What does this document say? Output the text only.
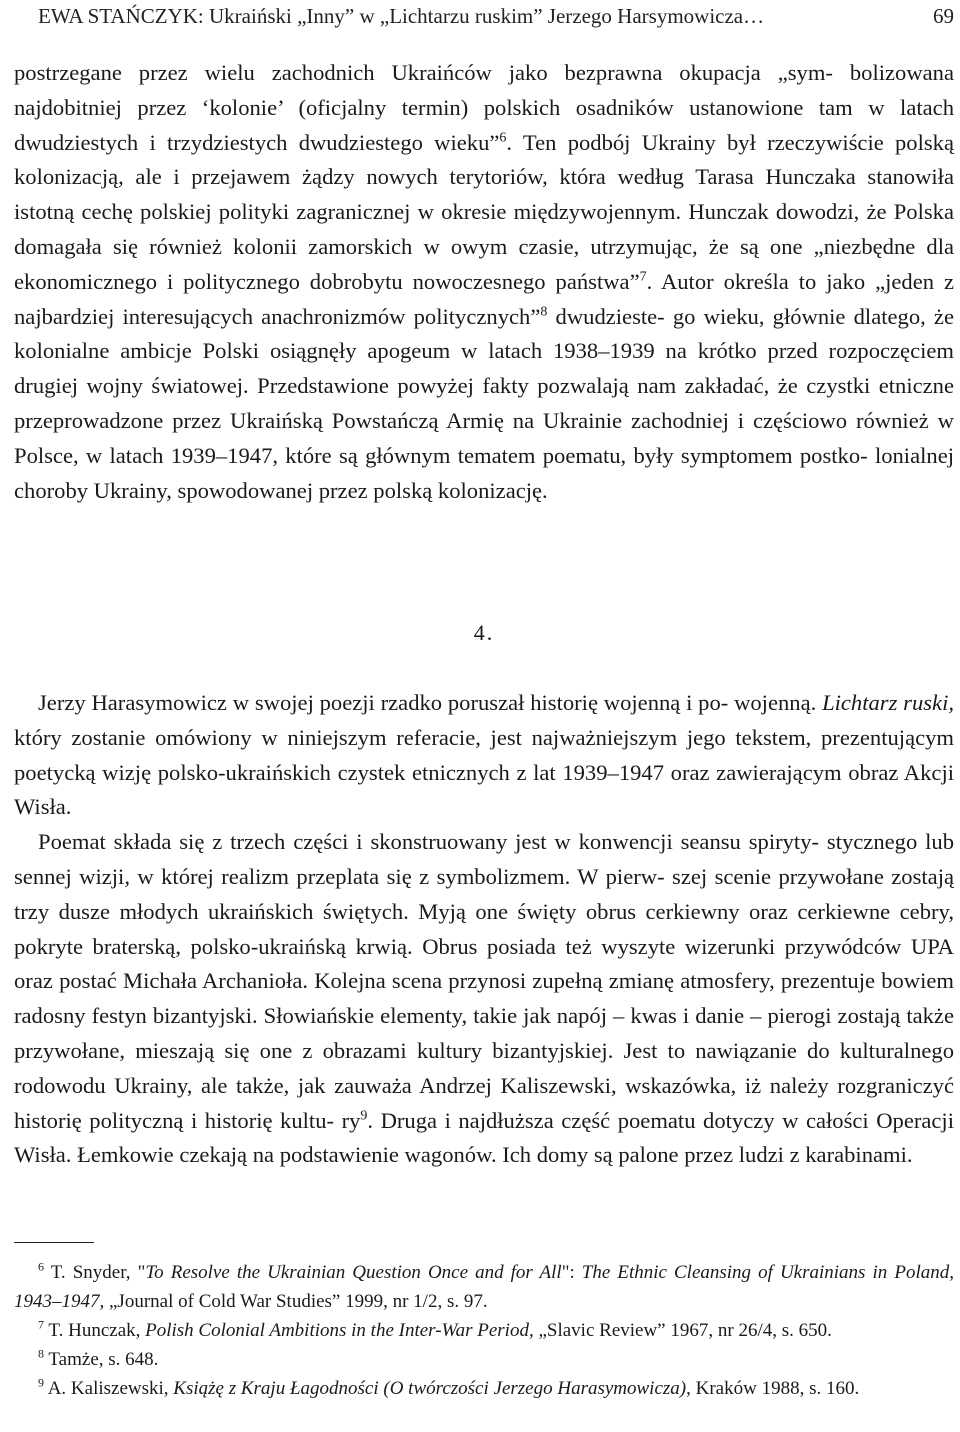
EWA STAŃCZYK: Ukraiński „Inny” w „Lichtarzu ruskim” Jerzego Harsymowicza…	69

postrzegane przez wielu zachodnich Ukraińców jako bezprawna okupacja „sym- bolizowana najdobitniej przez ‘kolonie’ (oficjalny termin) polskich osadników ustanowione tam w latach dwudziestych i trzydziestych dwudziestego wieku”$^6$. Ten podbój Ukrainy był rzeczywiście polską kolonizacją, ale i przejawem żądzy nowych terytoriów, która według Tarasa Hunczaka stanowiła istotną cechę polskiej polityki zagranicznej w okresie międzywojennym. Hunczak dowodzi, że Polska domagała się również kolonii zamorskich w owym czasie, utrzymując, że są one „niezbędne dla ekonomicznego i politycznego dobrobytu nowoczesnego państwa”$^7$. Autor określa to jako „jeden z najbardziej interesujących anachronizmów politycznych”$^8$ dwudzieste- go wieku, głównie dlatego, że kolonialne ambicje Polski osiągnęły apogeum w latach 1938–1939 na krótko przed rozpoczęciem drugiej wojny światowej. Przedstawione powyżej fakty pozwalają nam zakładać, że czystki etniczne przeprowadzone przez Ukraińską Powstańczą Armię na Ukrainie zachodniej i częściowo również w Polsce, w latach 1939–1947, które są głównym tematem poematu, były symptomem postko- lonialnej choroby Ukrainy, spowodowanej przez polską kolonizację.

4.

Jerzy Harasymowicz w swojej poezji rzadko poruszał historię wojenną i po- wojenną. Lichtarz ruski, który zostanie omówiony w niniejszym referacie, jest najważniejszym jego tekstem, prezentującym poetycką wizję polsko-ukraińskich czystek etnicznych z lat 1939–1947 oraz zawierającym obraz Akcji Wisła.

Poemat składa się z trzech części i skonstruowany jest w konwencji seansu spiryty- stycznego lub sennej wizji, w której realizm przeplata się z symbolizmem. W pierw- szej scenie przywołane zostają trzy dusze młodych ukraińskich świętych. Myją one święty obrus cerkiewny oraz cerkiewne cebry, pokryte braterską, polsko-ukraińską krwią. Obrus posiada też wyszyte wizerunki przywódców UPA oraz postać Michała Archanioła. Kolejna scena przynosi zupełną zmianę atmosfery, prezentuje bowiem radosny festyn bizantyjski. Słowiańskie elementy, takie jak napój – kwas i danie – pierogi zostają także przywołane, mieszają się one z obrazami kultury bizantyjskiej. Jest to nawiązanie do kulturalnego rodowodu Ukrainy, ale także, jak zauważa Andrzej Kaliszewski, wskazówka, iż należy rozgraniczyć historię polityczną i historię kultu- $ry^9$. Druga i najdłuższa część poematu dotyczy w całości Operacji Wisła. Łemkowie czekają na podstawienie wagonów. Ich domy są palone przez ludzi z karabinami.

$^6$ T. Snyder, "To Resolve the Ukrainian Question Once and for All": The Ethnic Cleansing of Ukrainians in Poland, 1943–1947, „Journal of Cold War Studies” 1999, nr 1/2, s. 97.

$^7$ T. Hunczak, Polish Colonial Ambitions in the Inter-War Period, „Slavic Review” 1967, nr 26/4, s. 650.

$^8$ Tamże, s. 648.

$^9$ A. Kaliszewski, Książę z Kraju Łagodności (O twórczości Jerzego Harasymowicza), Kraków 1988, s. 160.
